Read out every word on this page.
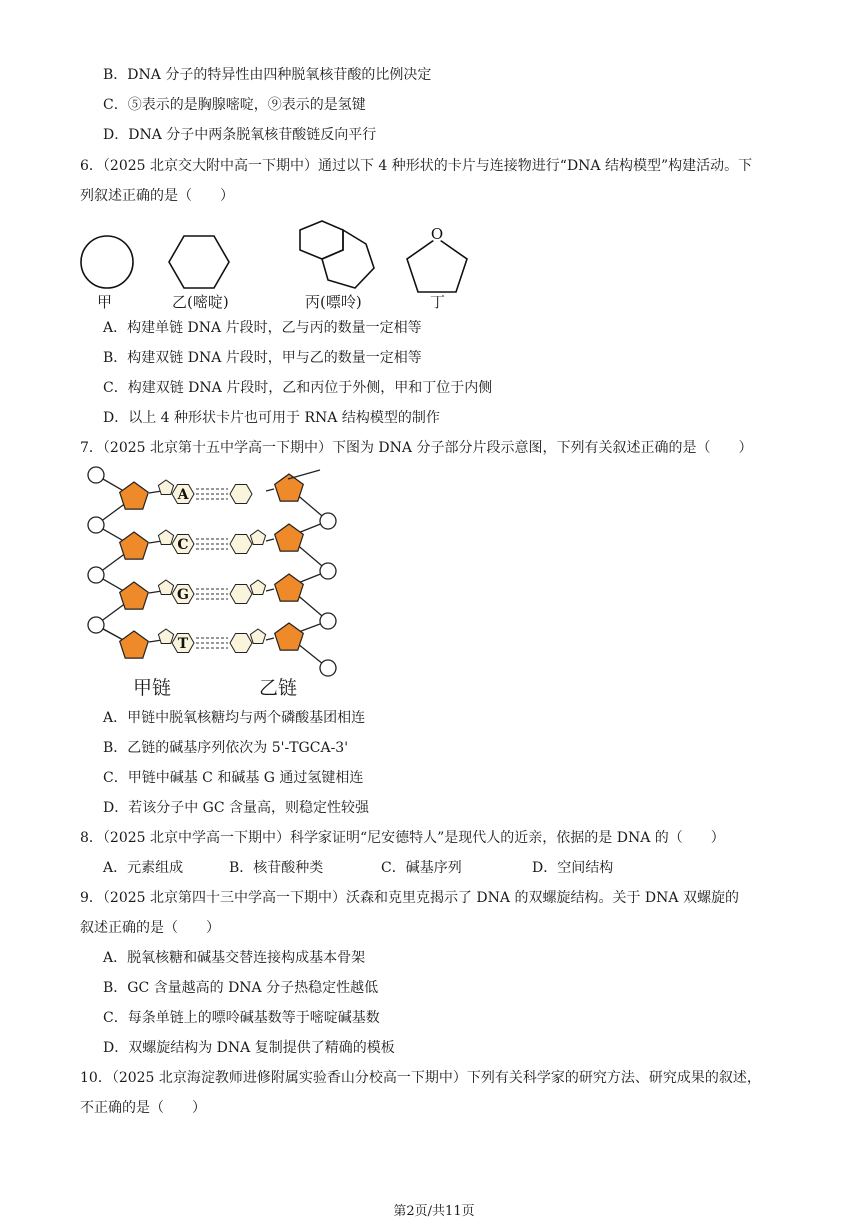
B．DNA 分子的特异性由四种脱氧核苷酸的比例决定
C．⑤表示的是胸腺嘧啶，⑨表示的是氢键
D．DNA 分子中两条脱氧核苷酸链反向平行
6．（2025 北京交大附中高一下期中）通过以下 4 种形状的卡片与连接物进行“DNA 结构模型”构建活动。下
列叙述正确的是（　　）
O
甲	乙(嘧啶)	丙(嘌呤)	丁
A．构建单链 DNA 片段时，乙与丙的数量一定相等
B．构建双链 DNA 片段时，甲与乙的数量一定相等
C．构建双链 DNA 片段时，乙和丙位于外侧，甲和丁位于内侧
D．以上 4 种形状卡片也可用于 RNA 结构模型的制作
7．（2025 北京第十五中学高一下期中）下图为 DNA 分子部分片段示意图，下列有关叙述正确的是（　　）
A
C
G
T
甲链	乙链
A．甲链中脱氧核糖均与两个磷酸基团相连
B．乙链的碱基序列依次为 5'-TGCA-3'
C．甲链中碱基 C 和碱基 G 通过氢键相连
D．若该分子中 GC 含量高，则稳定性较强
8．（2025 北京中学高一下期中）科学家证明“尼安德特人”是现代人的近亲，依据的是 DNA 的（　　）
A．元素组成	B．核苷酸种类	C．碱基序列	D．空间结构
9．（2025 北京第四十三中学高一下期中）沃森和克里克揭示了 DNA 的双螺旋结构。关于 DNA 双螺旋的
叙述正确的是（　　）
A．脱氧核糖和碱基交替连接构成基本骨架
B．GC 含量越高的 DNA 分子热稳定性越低
C．每条单链上的嘌呤碱基数等于嘧啶碱基数
D．双螺旋结构为 DNA 复制提供了精确的模板
10．（2025 北京海淀教师进修附属实验香山分校高一下期中）下列有关科学家的研究方法、研究成果的叙述，
不正确的是（　　）
第2页/共11页
